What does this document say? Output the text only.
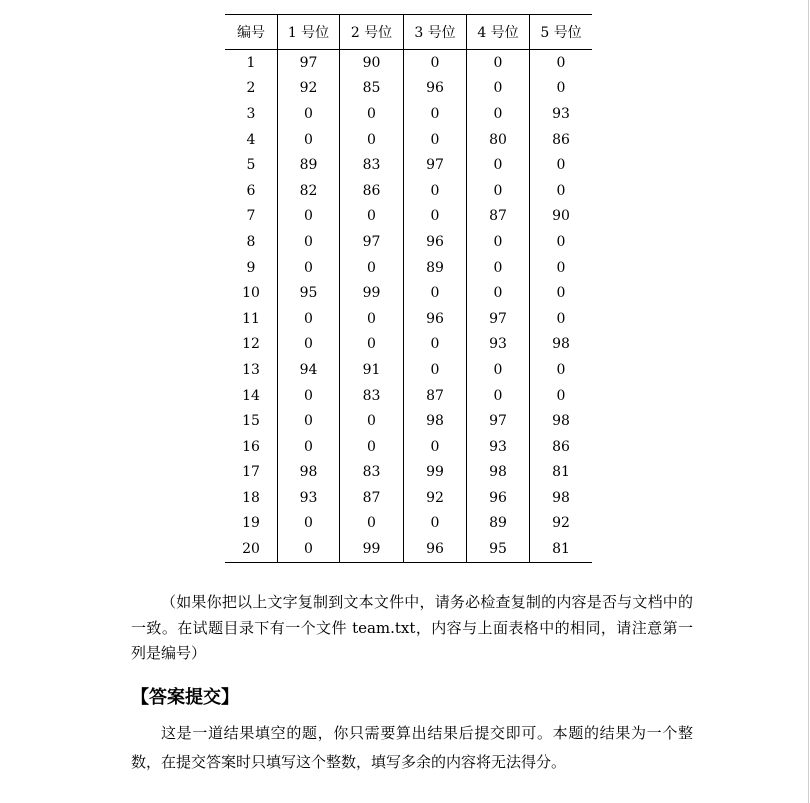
编号	1 号位	2 号位	3 号位	4 号位	5 号位
1	97	90	0	0	0
2	92	85	96	0	0
3	0	0	0	0	93
4	0	0	0	80	86
5	89	83	97	0	0
6	82	86	0	0	0
7	0	0	0	87	90
8	0	97	96	0	0
9	0	0	89	0	0
10	95	99	0	0	0
11	0	0	96	97	0
12	0	0	0	93	98
13	94	91	0	0	0
14	0	83	87	0	0
15	0	0	98	97	98
16	0	0	0	93	86
17	98	83	99	98	81
18	93	87	92	96	98
19	0	0	0	89	92
20	0	99	96	95	81

（如果你把以上文字复制到文本文件中，请务必检查复制的内容是否与文档中的一致。在试题目录下有一个文件 team.txt，内容与上面表格中的相同，请注意第一列是编号）

【答案提交】

这是一道结果填空的题，你只需要算出结果后提交即可。本题的结果为一个整数，在提交答案时只填写这个整数，填写多余的内容将无法得分。
